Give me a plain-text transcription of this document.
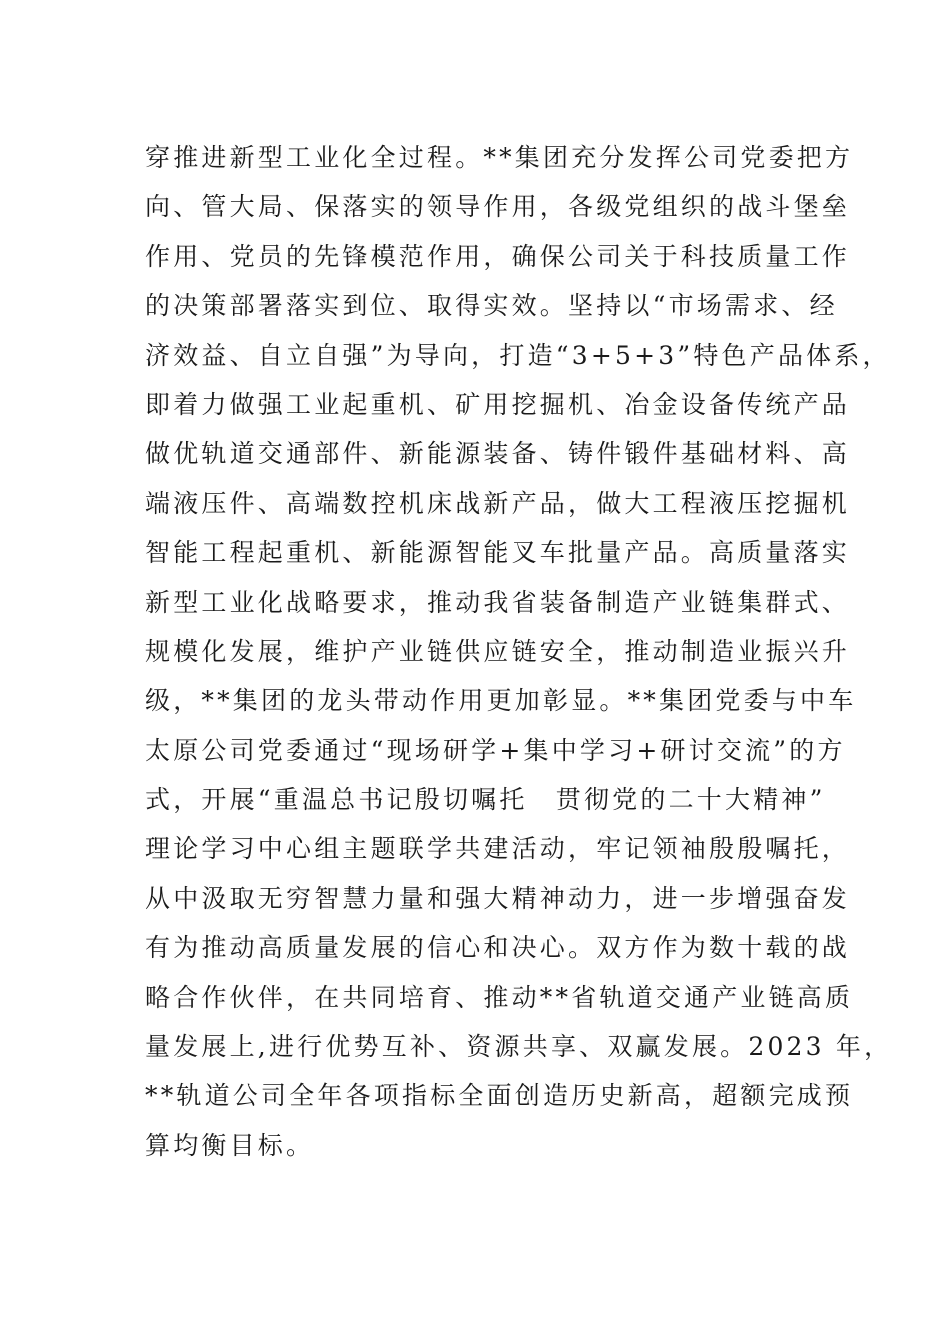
穿推进新型工业化全过程。**集团充分发挥公司党委把方
向、管大局、保落实的领导作用，各级党组织的战斗堡垒
作用、党员的先锋模范作用，确保公司关于科技质量工作
的决策部署落实到位、取得实效。坚持以“市场需求、经
济效益、自立自强”为导向，打造“3+5+3”特色产品体系，
即着力做强工业起重机、矿用挖掘机、冶金设备传统产品
做优轨道交通部件、新能源装备、铸件锻件基础材料、高
端液压件、高端数控机床战新产品，做大工程液压挖掘机
智能工程起重机、新能源智能叉车批量产品。高质量落实
新型工业化战略要求，推动我省装备制造产业链集群式、
规模化发展，维护产业链供应链安全，推动制造业振兴升
级，**集团的龙头带动作用更加彰显。**集团党委与中车
太原公司党委通过“现场研学+集中学习+研讨交流”的方
式，开展“重温总书记殷切嘱托　贯彻党的二十大精神”
理论学习中心组主题联学共建活动，牢记领袖殷殷嘱托，
从中汲取无穷智慧力量和强大精神动力，进一步增强奋发
有为推动高质量发展的信心和决心。双方作为数十载的战
略合作伙伴，在共同培育、推动**省轨道交通产业链高质
量发展上,进行优势互补、资源共享、双赢发展。2023 年，
**轨道公司全年各项指标全面创造历史新高，超额完成预
算均衡目标。
